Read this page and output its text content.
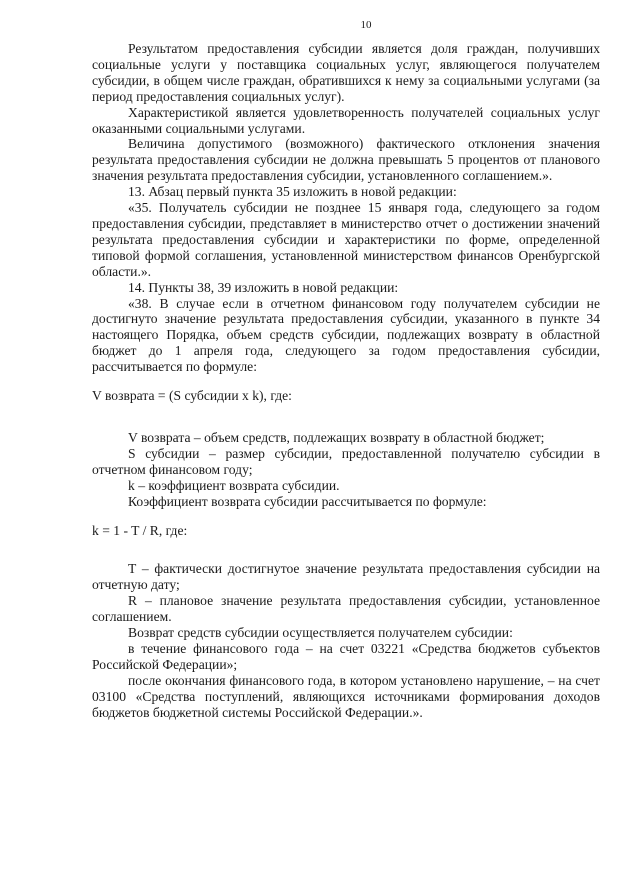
10

Результатом предоставления субсидии является доля граждан, получивших социальные услуги у поставщика социальных услуг, являющегося получателем субсидии, в общем числе граждан, обратившихся к нему за социальными услугами (за период предоставления социальных услуг).

Характеристикой является удовлетворенность получателей социальных услуг оказанными социальными услугами.

Величина допустимого (возможного) фактического отклонения значения результата предоставления субсидии не должна превышать 5 процентов от планового значения результата предоставления субсидии, установленного соглашением.».

13. Абзац первый пункта 35 изложить в новой редакции:

«35. Получатель субсидии не позднее 15 января года, следующего за годом предоставления субсидии, представляет в министерство отчет о достижении значений результата предоставления субсидии и характеристики по форме, определенной типовой формой соглашения, установленной министерством финансов Оренбургской области.».

14. Пункты 38, 39 изложить в новой редакции:

«38. В случае если в отчетном финансовом году получателем субсидии не достигнуто значение результата предоставления субсидии, указанного в пункте 34 настоящего Порядка, объем средств субсидии, подлежащих возврату в областной бюджет до 1 апреля года, следующего за годом предоставления субсидии, рассчитывается по формуле:

V возврата = (S субсидии x k), где:

V возврата – объем средств, подлежащих возврату в областной бюджет;

S субсидии – размер субсидии, предоставленной получателю субсидии в отчетном финансовом году;

k – коэффициент возврата субсидии.

Коэффициент возврата субсидии рассчитывается по формуле:

k = 1 - T / R, где:

T – фактически достигнутое значение результата предоставления субсидии на отчетную дату;

R – плановое значение результата предоставления субсидии, установленное соглашением.

Возврат средств субсидии осуществляется получателем субсидии:

в течение финансового года – на счет 03221 «Средства бюджетов субъектов Российской Федерации»;

после окончания финансового года, в котором установлено нарушение, – на счет 03100 «Средства поступлений, являющихся источниками формирования доходов бюджетов бюджетной системы Российской Федерации.».
